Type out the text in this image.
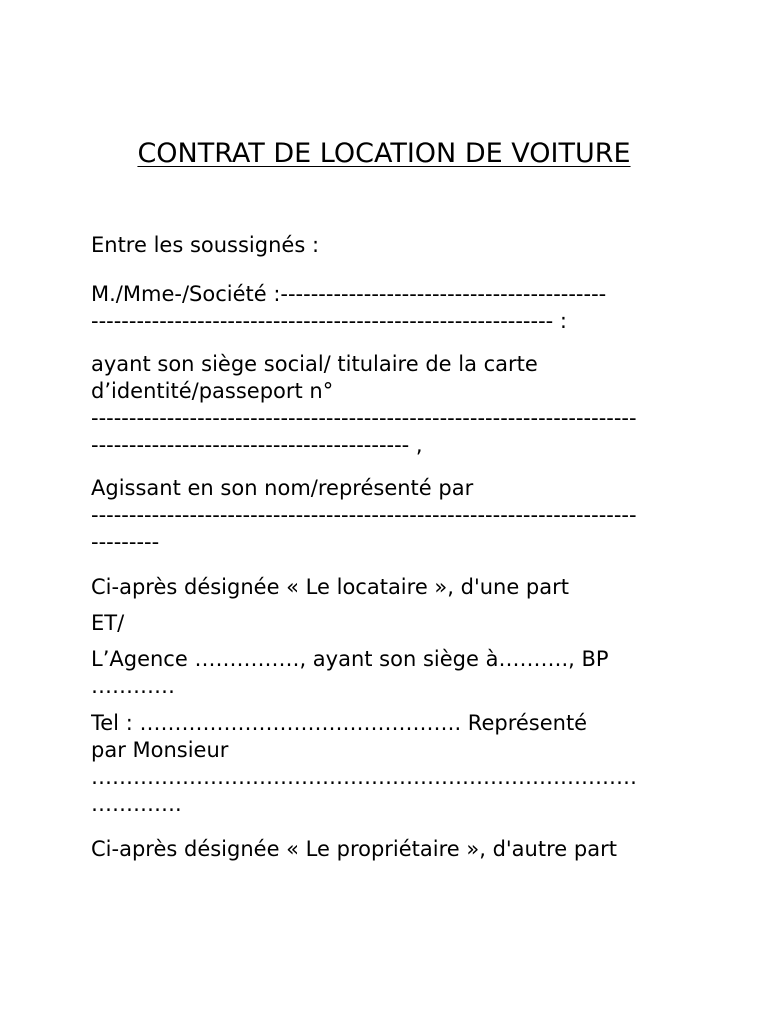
CONTRAT DE LOCATION DE VOITURE

Entre les soussignés :

M./Mme-/Société :-------------------------------------------
------------------------------------------------------------- :

ayant son siège social/ titulaire de la carte
d’identité/passeport n°
------------------------------------------------------------------------
------------------------------------------ ,

Agissant en son nom/représenté par
------------------------------------------------------------------------
---------

Ci-après désignée « Le locataire », d'une part

ET/

L’Agence ……………, ayant son siège à………., BP
…………

Tel : ………………………………………. Représenté
par Monsieur
……………………………………………………………………
………….

Ci-après désignée « Le propriétaire », d'autre part
